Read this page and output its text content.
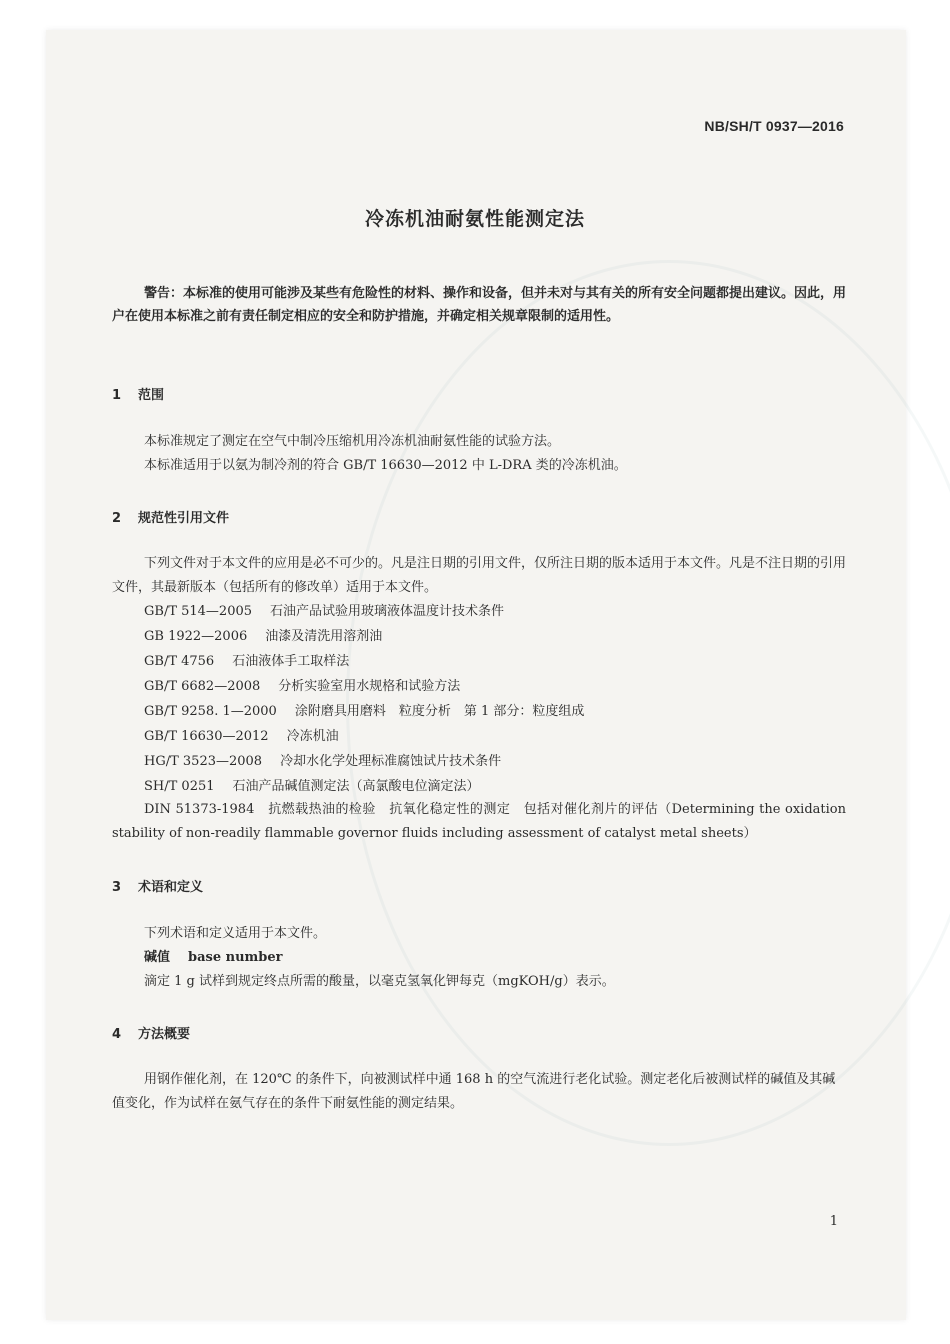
NB/SH/T 0937—2016
冷冻机油耐氨性能测定法
警告：本标准的使用可能涉及某些有危险性的材料、操作和设备，但并未对与其有关的所有安全问题都提出建议。因此，用户在使用本标准之前有责任制定相应的安全和防护措施，并确定相关规章限制的适用性。
1 范围
本标准规定了测定在空气中制冷压缩机用冷冻机油耐氨性能的试验方法。
本标准适用于以氨为制冷剂的符合 GB/T 16630—2012 中 L-DRA 类的冷冻机油。
2 规范性引用文件
下列文件对于本文件的应用是必不可少的。凡是注日期的引用文件，仅所注日期的版本适用于本文件。凡是不注日期的引用文件，其最新版本（包括所有的修改单）适用于本文件。
GB/T 514—2005 石油产品试验用玻璃液体温度计技术条件
GB 1922—2006 油漆及清洗用溶剂油
GB/T 4756 石油液体手工取样法
GB/T 6682—2008 分析实验室用水规格和试验方法
GB/T 9258. 1—2000 涂附磨具用磨料　粒度分析　第 1 部分：粒度组成
GB/T 16630—2012 冷冻机油
HG/T 3523—2008 冷却水化学处理标准腐蚀试片技术条件
SH/T 0251 石油产品碱值测定法（高氯酸电位滴定法）
DIN 51373-1984　抗燃载热油的检验　抗氧化稳定性的测定　包括对催化剂片的评估（Determining the oxidation stability of non-readily flammable governor fluids including assessment of catalyst metal sheets）
3 术语和定义
下列术语和定义适用于本文件。
碱值 base number
滴定 1 g 试样到规定终点所需的酸量，以毫克氢氧化钾每克（mgKOH/g）表示。
4 方法概要
用钢作催化剂，在 120℃ 的条件下，向被测试样中通 168 h 的空气流进行老化试验。测定老化后被测试样的碱值及其碱值变化，作为试样在氨气存在的条件下耐氨性能的测定结果。
1
